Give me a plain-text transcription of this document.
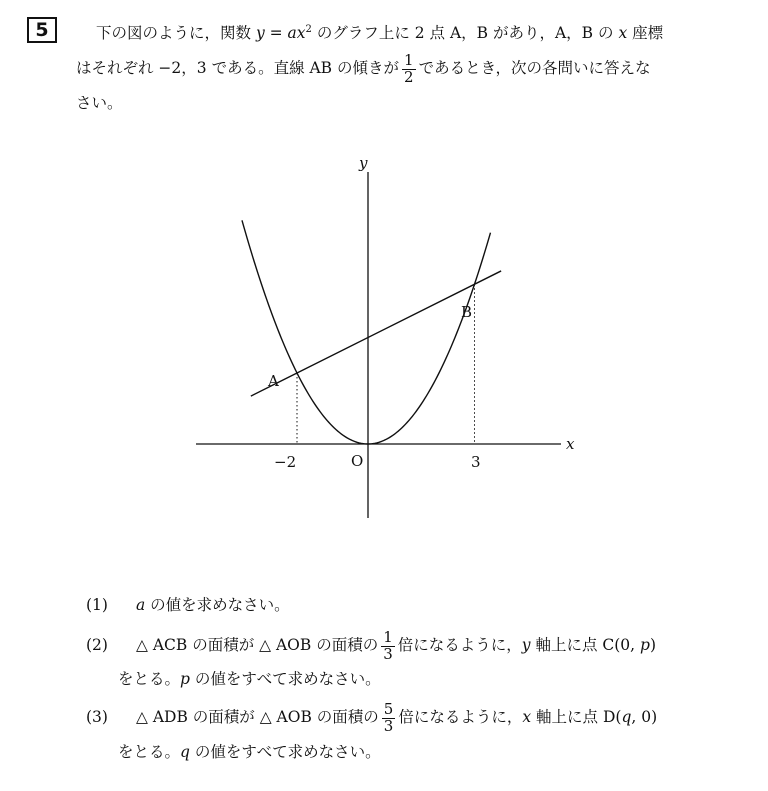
5	下の図のように，関数 $y = ax^2$ のグラフ上に 2 点 A，B があり，A，B の x 座標
はそれぞれ −2，3 である。直線 AB の傾きが $\frac{1}{2}$ であるとき，次の各問いに答えな
さい。
y
x
O
A
B
−2	3
(1) a の値を求めなさい。
(2) △ ACB の面積が △ AOB の面積の $\frac{1}{3}$ 倍になるように，y 軸上に点 C(0, p)
をとる。p の値をすべて求めなさい。
(3) △ ADB の面積が △ AOB の面積の $\frac{5}{3}$ 倍になるように，x 軸上に点 D(q, 0)
をとる。q の値をすべて求めなさい。
